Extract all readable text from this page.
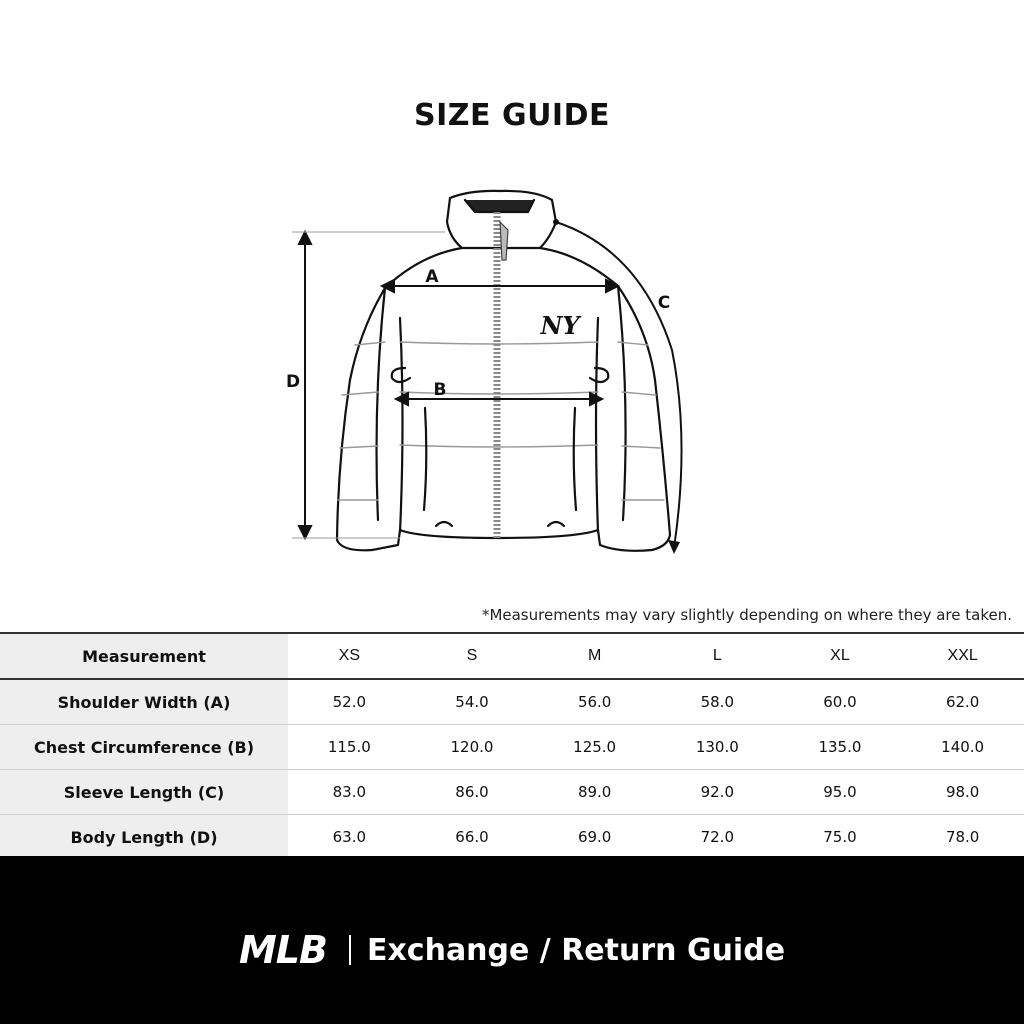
SIZE GUIDE
NY
A
B
C
D
*Measurements may vary slightly depending on where they are taken.
Measurement	XS	S	M	L	XL	XXL
Shoulder Width (A)	52.0	54.0	56.0	58.0	60.0	62.0
Chest Circumference (B)	115.0	120.0	125.0	130.0	135.0	140.0
Sleeve Length (C)	83.0	86.0	89.0	92.0	95.0	98.0
Body Length (D)	63.0	66.0	69.0	72.0	75.0	78.0
MLB Exchange / Return Guide
